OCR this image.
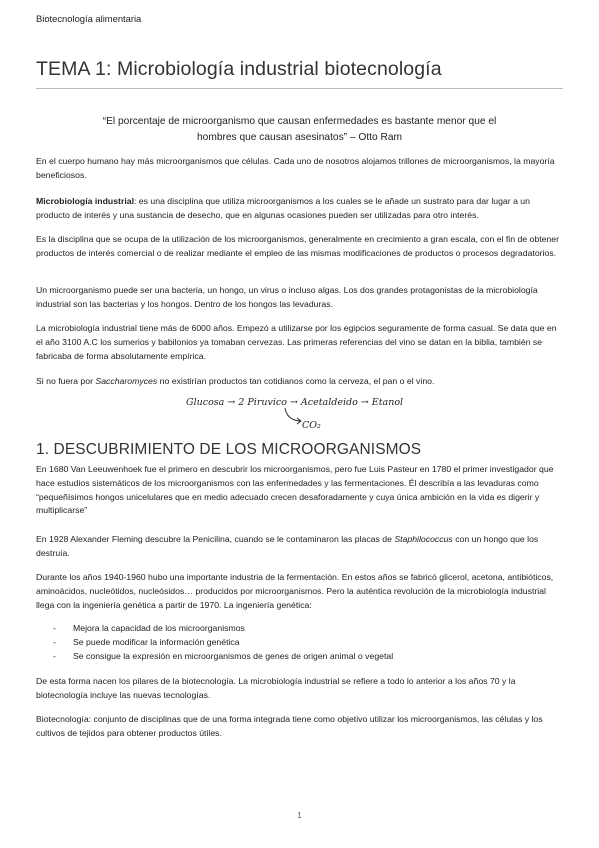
Biotecnología alimentaria
TEMA 1: Microbiología industrial biotecnología
“El porcentaje de microorganismo que causan enfermedades es bastante menor que el
hombres que causan asesinatos” – Otto Ram

En el cuerpo humano hay más microorganismos que células. Cada uno de nosotros alojamos trillones de microorganismos, la mayoría beneficiosos.

Microbiología industrial: es una disciplina que utiliza microorganismos a los cuales se le añade un sustrato para dar lugar a un producto de interés y una sustancia de desecho, que en algunas ocasiones pueden ser utilizadas para otro interés.

Es la disciplina que se ocupa de la utilización de los microorganismos, generalmente en crecimiento a gran escala, con el fin de obtener productos de interés comercial o de realizar mediante el empleo de las mismas modificaciones de productos o procesos degradatorios.

Un microorganismo puede ser una bacteria, un hongo, un virus o incluso algas. Los dos grandes protagonistas de la microbiología industrial son las bacterias y los hongos. Dentro de los hongos las levaduras.

La microbiología industrial tiene más de 6000 años. Empezó a utilizarse por los egipcios seguramente de forma casual. Se data que en el año 3100 A.C los sumerios y babilonios ya tomaban cervezas. Las primeras referencias del vino se datan en la biblia, también se fabricaba de forma absolutamente empírica.

Si no fuera por Saccharomyces no existirían productos tan cotidianos como la cerveza, el pan o el vino.

Glucosa → 2 Piruvico → Acetaldeido → Etanol
CO₂
1. DESCUBRIMIENTO DE LOS MICROORGANISMOS

En 1680 Van Leeuwenhoek fue el primero en descubrir los microorganismos, pero fue Luis Pasteur en 1780 el primer investigador que hace estudios sistemáticos de los microorganismos con las enfermedades y las fermentaciones. Él describía a las levaduras como “pequeñísimos hongos unicelulares que en medio adecuado crecen desaforadamente y cuya única ambición en la vida es digerir y multiplicarse”

En 1928 Alexander Fleming descubre la Penicilina, cuando se le contaminaron las placas de Staphilococcus con un hongo que los destruía.

Durante los años 1940-1960 hubo una importante industria de la fermentación. En estos años se fabricó glicerol, acetona, antibióticos, aminoácidos, nucleótidos, nucleósidos… producidos por microorganismos. Pero la auténtica revolución de la microbiología industrial llega con la ingeniería genética a partir de 1970. La ingeniería genética:

- Mejora la capacidad de los microorganismos
- Se puede modificar la información genética
- Se consigue la expresión en microorganismos de genes de origen animal o vegetal

De esta forma nacen los pilares de la biotecnología. La microbiología industrial se refiere a todo lo anterior a los años 70 y la biotecnología incluye las nuevas tecnologías.

Biotecnología: conjunto de disciplinas que de una forma integrada tiene como objetivo utilizar los microorganismos, las células y los cultivos de tejidos para obtener productos útiles.

1
